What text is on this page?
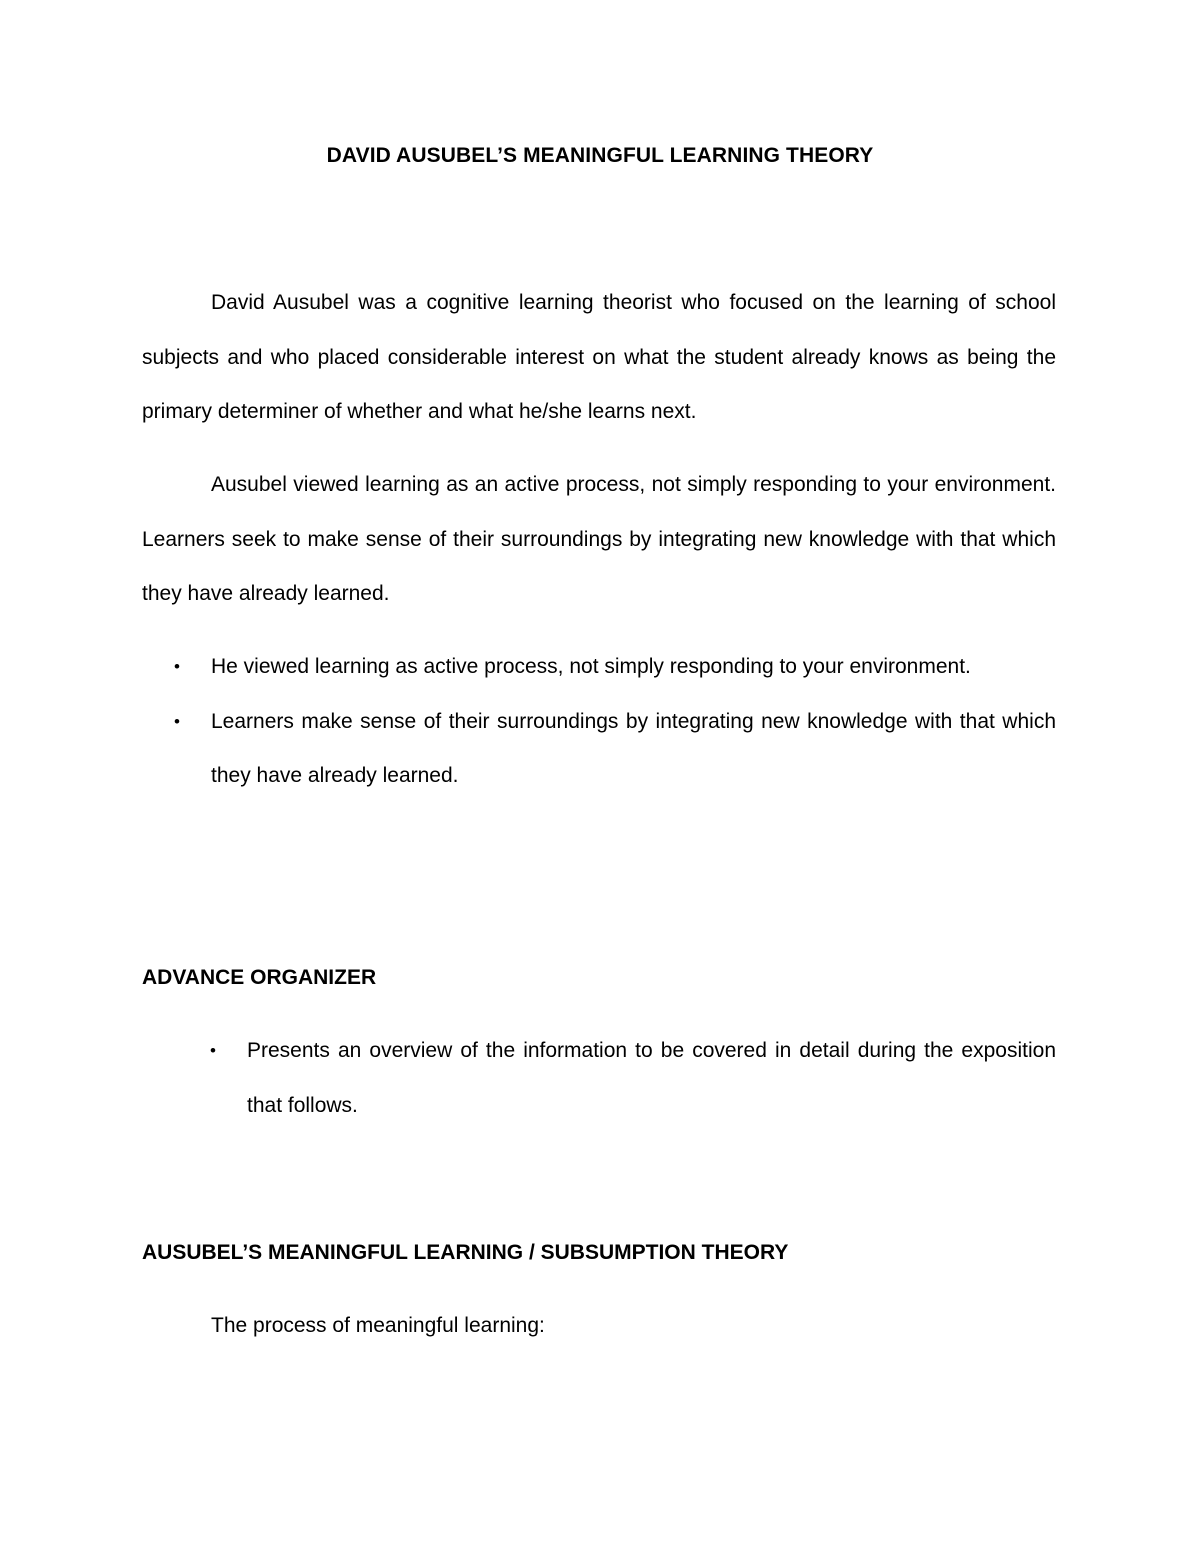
DAVID AUSUBEL’S MEANINGFUL LEARNING THEORY

David Ausubel was a cognitive learning theorist who focused on the learning of school subjects and who placed considerable interest on what the student already knows as being the primary determiner of whether and what he/she learns next.

Ausubel viewed learning as an active process, not simply responding to your environment. Learners seek to make sense of their surroundings by integrating new knowledge with that which they have already learned.

• He viewed learning as active process, not simply responding to your environment.
• Learners make sense of their surroundings by integrating new knowledge with that which they have already learned.
ADVANCE ORGANIZER
• Presents an overview of the information to be covered in detail during the exposition that follows.
AUSUBEL’S MEANINGFUL LEARNING / SUBSUMPTION THEORY

The process of meaningful learning:
